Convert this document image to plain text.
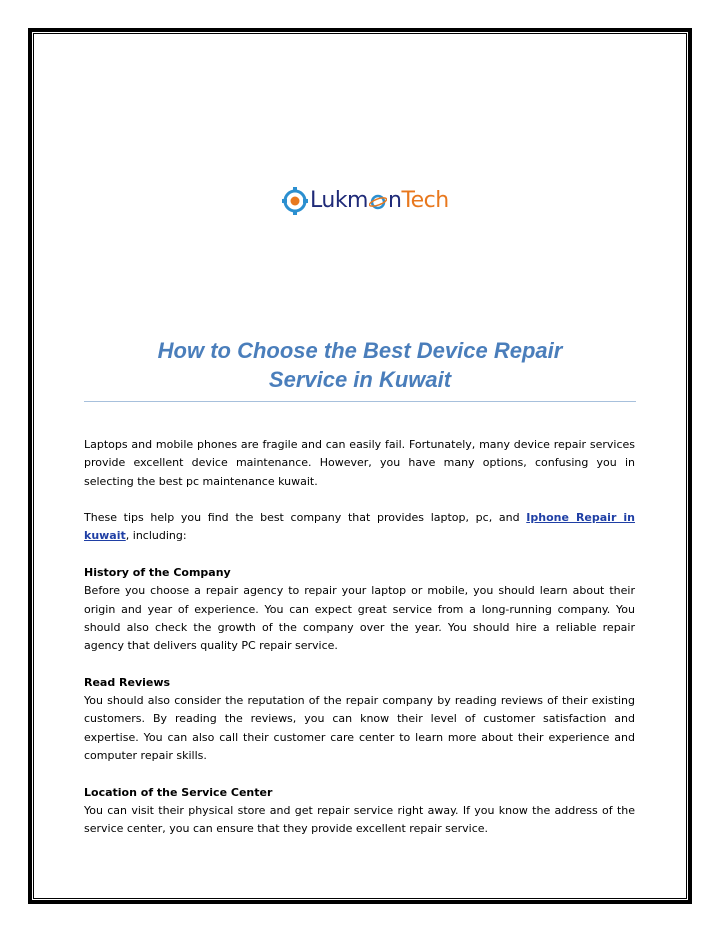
Lukm n Tech
How to Choose the Best Device Repair
Service in Kuwait

Laptops and mobile phones are fragile and can easily fail. Fortunately, many device repair services provide excellent device maintenance. However, you have many options, confusing you in selecting the best pc maintenance kuwait.

These tips help you find the best company that provides laptop, pc, and Iphone Repair in kuwait, including:

History of the Company

Before you choose a repair agency to repair your laptop or mobile, you should learn about their origin and year of experience. You can expect great service from a long-running company. You should also check the growth of the company over the year. You should hire a reliable repair agency that delivers quality PC repair service.

Read Reviews

You should also consider the reputation of the repair company by reading reviews of their existing customers. By reading the reviews, you can know their level of customer satisfaction and expertise. You can also call their customer care center to learn more about their experience and computer repair skills.

Location of the Service Center

You can visit their physical store and get repair service right away. If you know the address of the service center, you can ensure that they provide excellent repair service.
